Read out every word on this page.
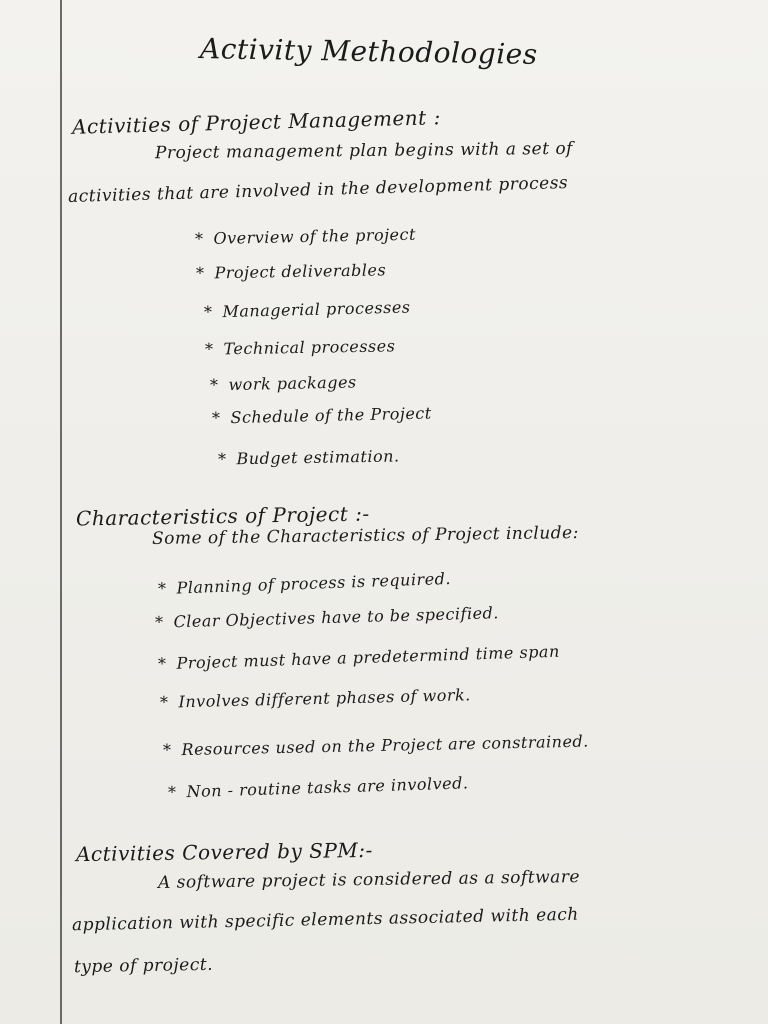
Activity Methodologies
Activities of Project Management :
Project management plan begins with a set of
activities that are involved in the development process
* Overview of the project
* Project deliverables
* Managerial processes
* Technical processes
* work packages
* Schedule of the Project
* Budget estimation.
Characteristics of Project :-
Some of the Characteristics of Project include:
* Planning of process is required.
* Clear Objectives have to be specified.
* Project must have a predetermind time span
* Involves different phases of work.
* Resources used on the Project are constrained.
* Non - routine tasks are involved.
Activities Covered by SPM:-
A software project is considered as a software
application with specific elements associated with each
type of project.
